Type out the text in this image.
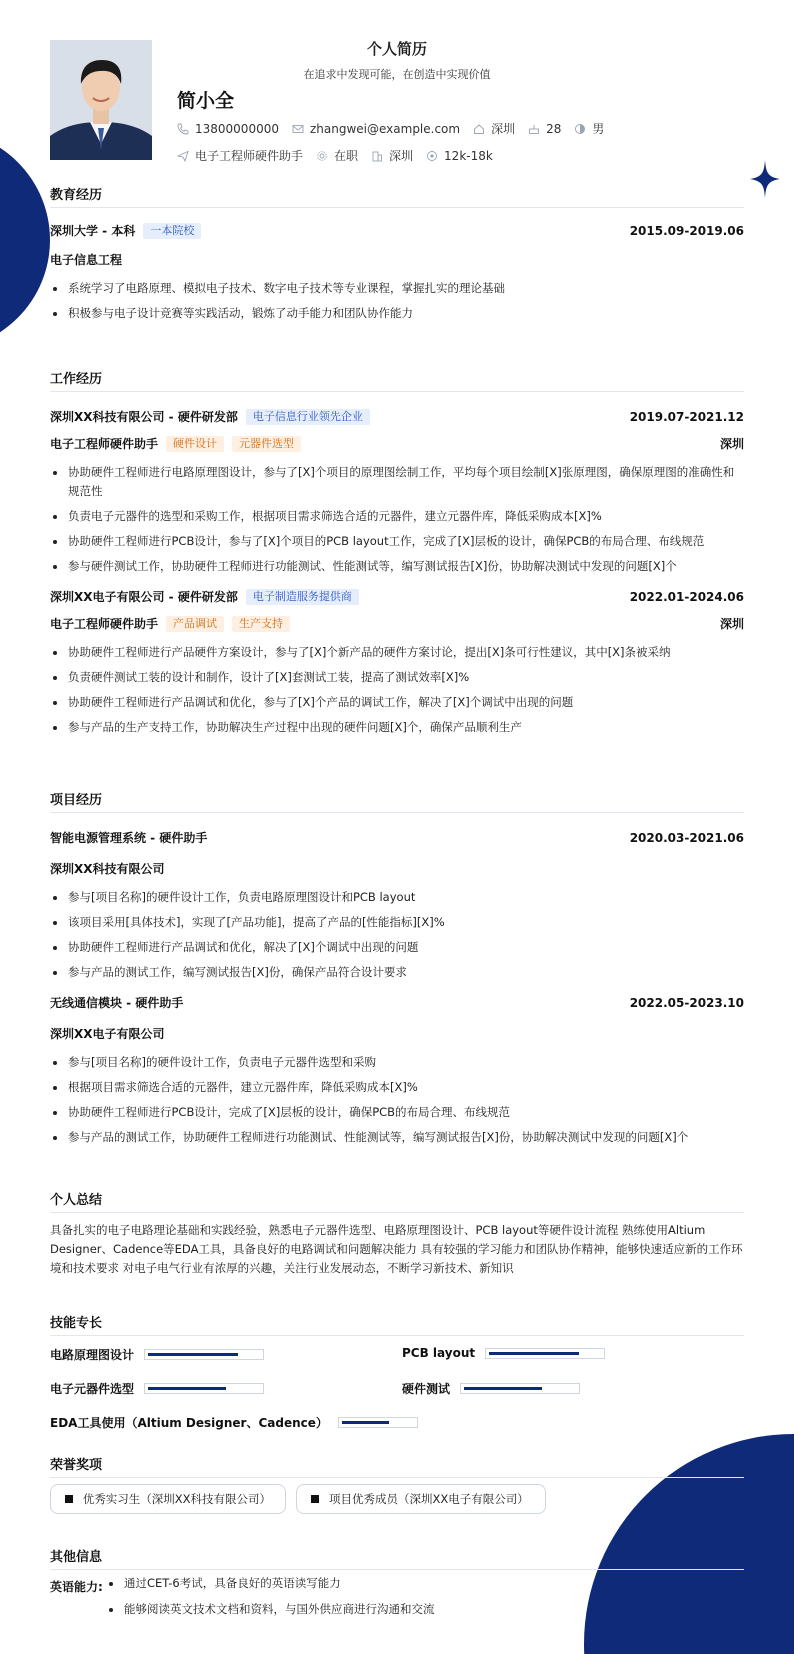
个人简历
在追求中发现可能，在创造中实现价值
简小全
13800000000	zhangwei@example.com	深圳	28	男
电子工程师硬件助手	在职	深圳	12k-18k
教育经历
深圳大学 - 本科	一本院校	2015.09-2019.06
电子信息工程
系统学习了电路原理、模拟电子技术、数字电子技术等专业课程，掌握扎实的理论基础
积极参与电子设计竞赛等实践活动，锻炼了动手能力和团队协作能力
工作经历
深圳XX科技有限公司 - 硬件研发部	电子信息行业领先企业	2019.07-2021.12
电子工程师硬件助手	硬件设计	元器件选型	深圳
协助硬件工程师进行电路原理图设计，参与了[X]个项目的原理图绘制工作，平均每个项目绘制[X]张原理图，确保原理图的准确性和规范性
负责电子元器件的选型和采购工作，根据项目需求筛选合适的元器件，建立元器件库，降低采购成本[X]%
协助硬件工程师进行PCB设计，参与了[X]个项目的PCB layout工作，完成了[X]层板的设计，确保PCB的布局合理、布线规范
参与硬件测试工作，协助硬件工程师进行功能测试、性能测试等，编写测试报告[X]份，协助解决测试中发现的问题[X]个
深圳XX电子有限公司 - 硬件研发部	电子制造服务提供商	2022.01-2024.06
电子工程师硬件助手	产品调试	生产支持	深圳
协助硬件工程师进行产品硬件方案设计，参与了[X]个新产品的硬件方案讨论，提出[X]条可行性建议，其中[X]条被采纳
负责硬件测试工装的设计和制作，设计了[X]套测试工装，提高了测试效率[X]%
协助硬件工程师进行产品调试和优化，参与了[X]个产品的调试工作，解决了[X]个调试中出现的问题
参与产品的生产支持工作，协助解决生产过程中出现的硬件问题[X]个，确保产品顺利生产
项目经历
智能电源管理系统 - 硬件助手	2020.03-2021.06
深圳XX科技有限公司
参与[项目名称]的硬件设计工作，负责电路原理图设计和PCB layout
该项目采用[具体技术]，实现了[产品功能]，提高了产品的[性能指标][X]%
协助硬件工程师进行产品调试和优化，解决了[X]个调试中出现的问题
参与产品的测试工作，编写测试报告[X]份，确保产品符合设计要求
无线通信模块 - 硬件助手	2022.05-2023.10
深圳XX电子有限公司
参与[项目名称]的硬件设计工作，负责电子元器件选型和采购
根据项目需求筛选合适的元器件，建立元器件库，降低采购成本[X]%
协助硬件工程师进行PCB设计，完成了[X]层板的设计，确保PCB的布局合理、布线规范
参与产品的测试工作，协助硬件工程师进行功能测试、性能测试等，编写测试报告[X]份，协助解决测试中发现的问题[X]个
个人总结
具备扎实的电子电路理论基础和实践经验，熟悉电子元器件选型、电路原理图设计、PCB layout等硬件设计流程 熟练使用Altium Designer、Cadence等EDA工具，具备良好的电路调试和问题解决能力 具有较强的学习能力和团队协作精神，能够快速适应新的工作环境和技术要求 对电子电气行业有浓厚的兴趣，关注行业发展动态，不断学习新技术、新知识
技能专长
电路原理图设计	PCB layout
电子元器件选型	硬件测试
EDA工具使用（Altium Designer、Cadence）
荣誉奖项
优秀实习生（深圳XX科技有限公司）	项目优秀成员（深圳XX电子有限公司）
其他信息
英语能力:	通过CET-6考试，具备良好的英语读写能力
能够阅读英文技术文档和资料，与国外供应商进行沟通和交流
